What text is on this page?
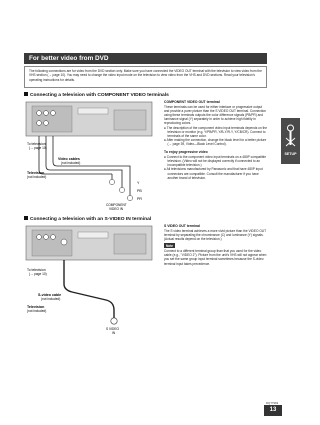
For better video from DVD
The following connections are for video from the DVD section only. Make sure you have connected the VIDEO OUT terminal with the television to view video from the VHS section (→ page 10). You may need to change the video input mode on the television to view video from the VHS and DVD sections. Read your television's operating instructions for details.
Connecting a television with COMPONENT VIDEO terminals
Y
PB
PR
COMPONENT
VIDEO IN
To television
(→ page 10)
Video cables
(not included)
Television
(not included)
COMPONENT VIDEO OUT terminal
These terminals can be used for either interlace or progressive output and provide a purer picture than the S VIDEO OUT terminal. Connection using these terminals outputs the color difference signals (PB/PR) and luminance signal (Y) separately in order to achieve high fidelity in reproducing colors.
● The description of the component video input terminals depends on the television or monitor (e.g. Y/PB/PR, Y/B-Y/R-Y, Y/CB/CR). Connect to terminals of the same color.
● After making the connection, change the black level for a better picture (→ page 39, Video—Black Level Control).
To enjoy progressive video
● Connect to the component video input terminals on a 480P compatible television. (Video will not be displayed correctly if connected to an incompatible television.)
● All televisions manufactured by Panasonic and that have 480P input connectors are compatible. Consult the manufacturer if you have another brand of television.
Connecting a television with an S-VIDEO IN terminal
S VIDEO
IN
To television
(→ page 10)
S-video cable
(not included)
Television
(not included)
S VIDEO OUT terminal
The S video terminal achieves a more vivid picture than the VIDEO OUT terminal by separating the chrominance (C) and luminance (Y) signals. (Actual results depend on the television.)
Note
Connect to a different terminal group than that you used for the video cable (e.g., "VIDEO 2"). Picture from the unit's VHS will not appear when you set the same group input terminal sometimes because the S-video terminal input takes precedence.
SETUP
RQT7969
13
